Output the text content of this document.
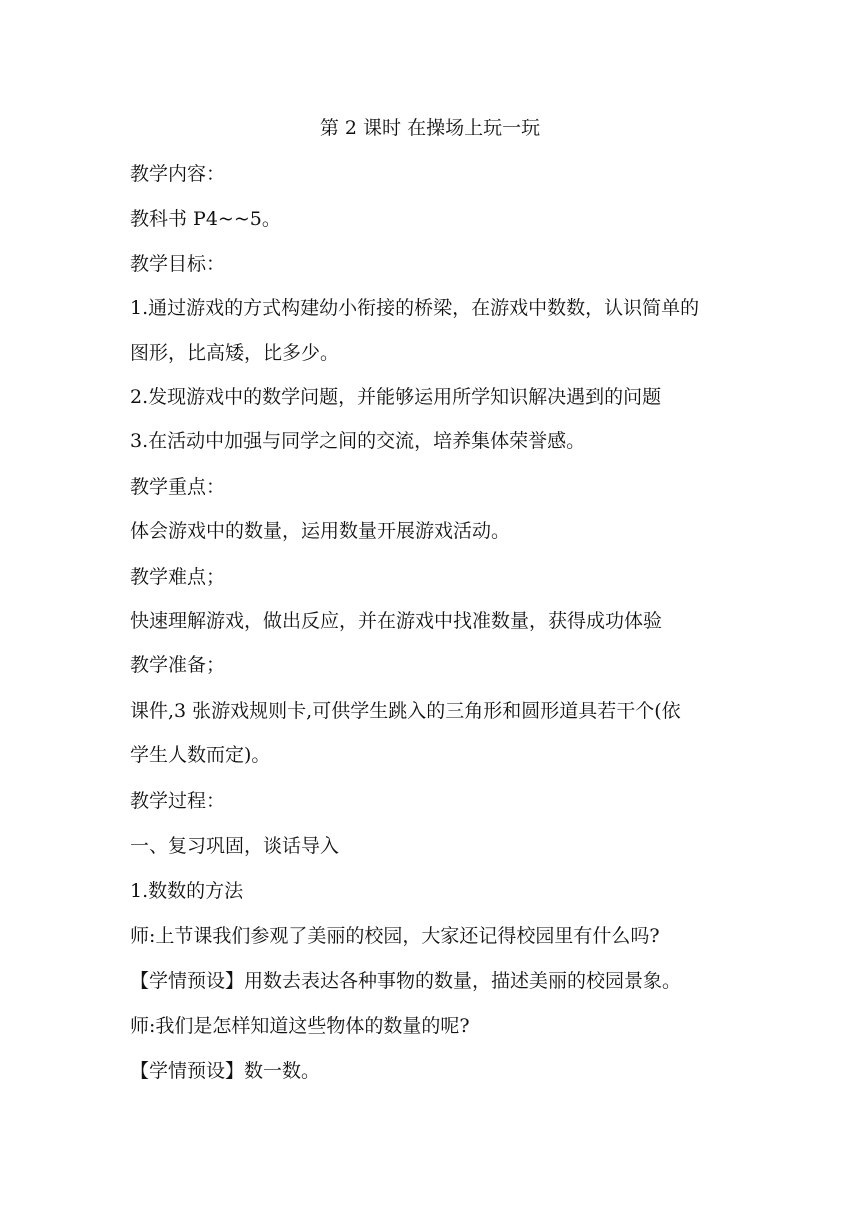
第 2 课时 在操场上玩一玩
教学内容：
教科书 P4~~5。
教学目标：
1.通过游戏的方式构建幼小衔接的桥梁，在游戏中数数，认识简单的
图形，比高矮，比多少。
2.发现游戏中的数学问题，并能够运用所学知识解决遇到的问题
3.在活动中加强与同学之间的交流，培养集体荣誉感。
教学重点：
体会游戏中的数量，运用数量开展游戏活动。
教学难点；
快速理解游戏，做出反应，并在游戏中找准数量，获得成功体验
教学准备；
课件,3 张游戏规则卡,可供学生跳入的三角形和圆形道具若干个(依
学生人数而定)。
教学过程：
一、复习巩固，谈话导入
1.数数的方法
师:上节课我们参观了美丽的校园，大家还记得校园里有什么吗?
【学情预设】用数去表达各种事物的数量，描述美丽的校园景象。
师:我们是怎样知道这些物体的数量的呢?
【学情预设】数一数。
